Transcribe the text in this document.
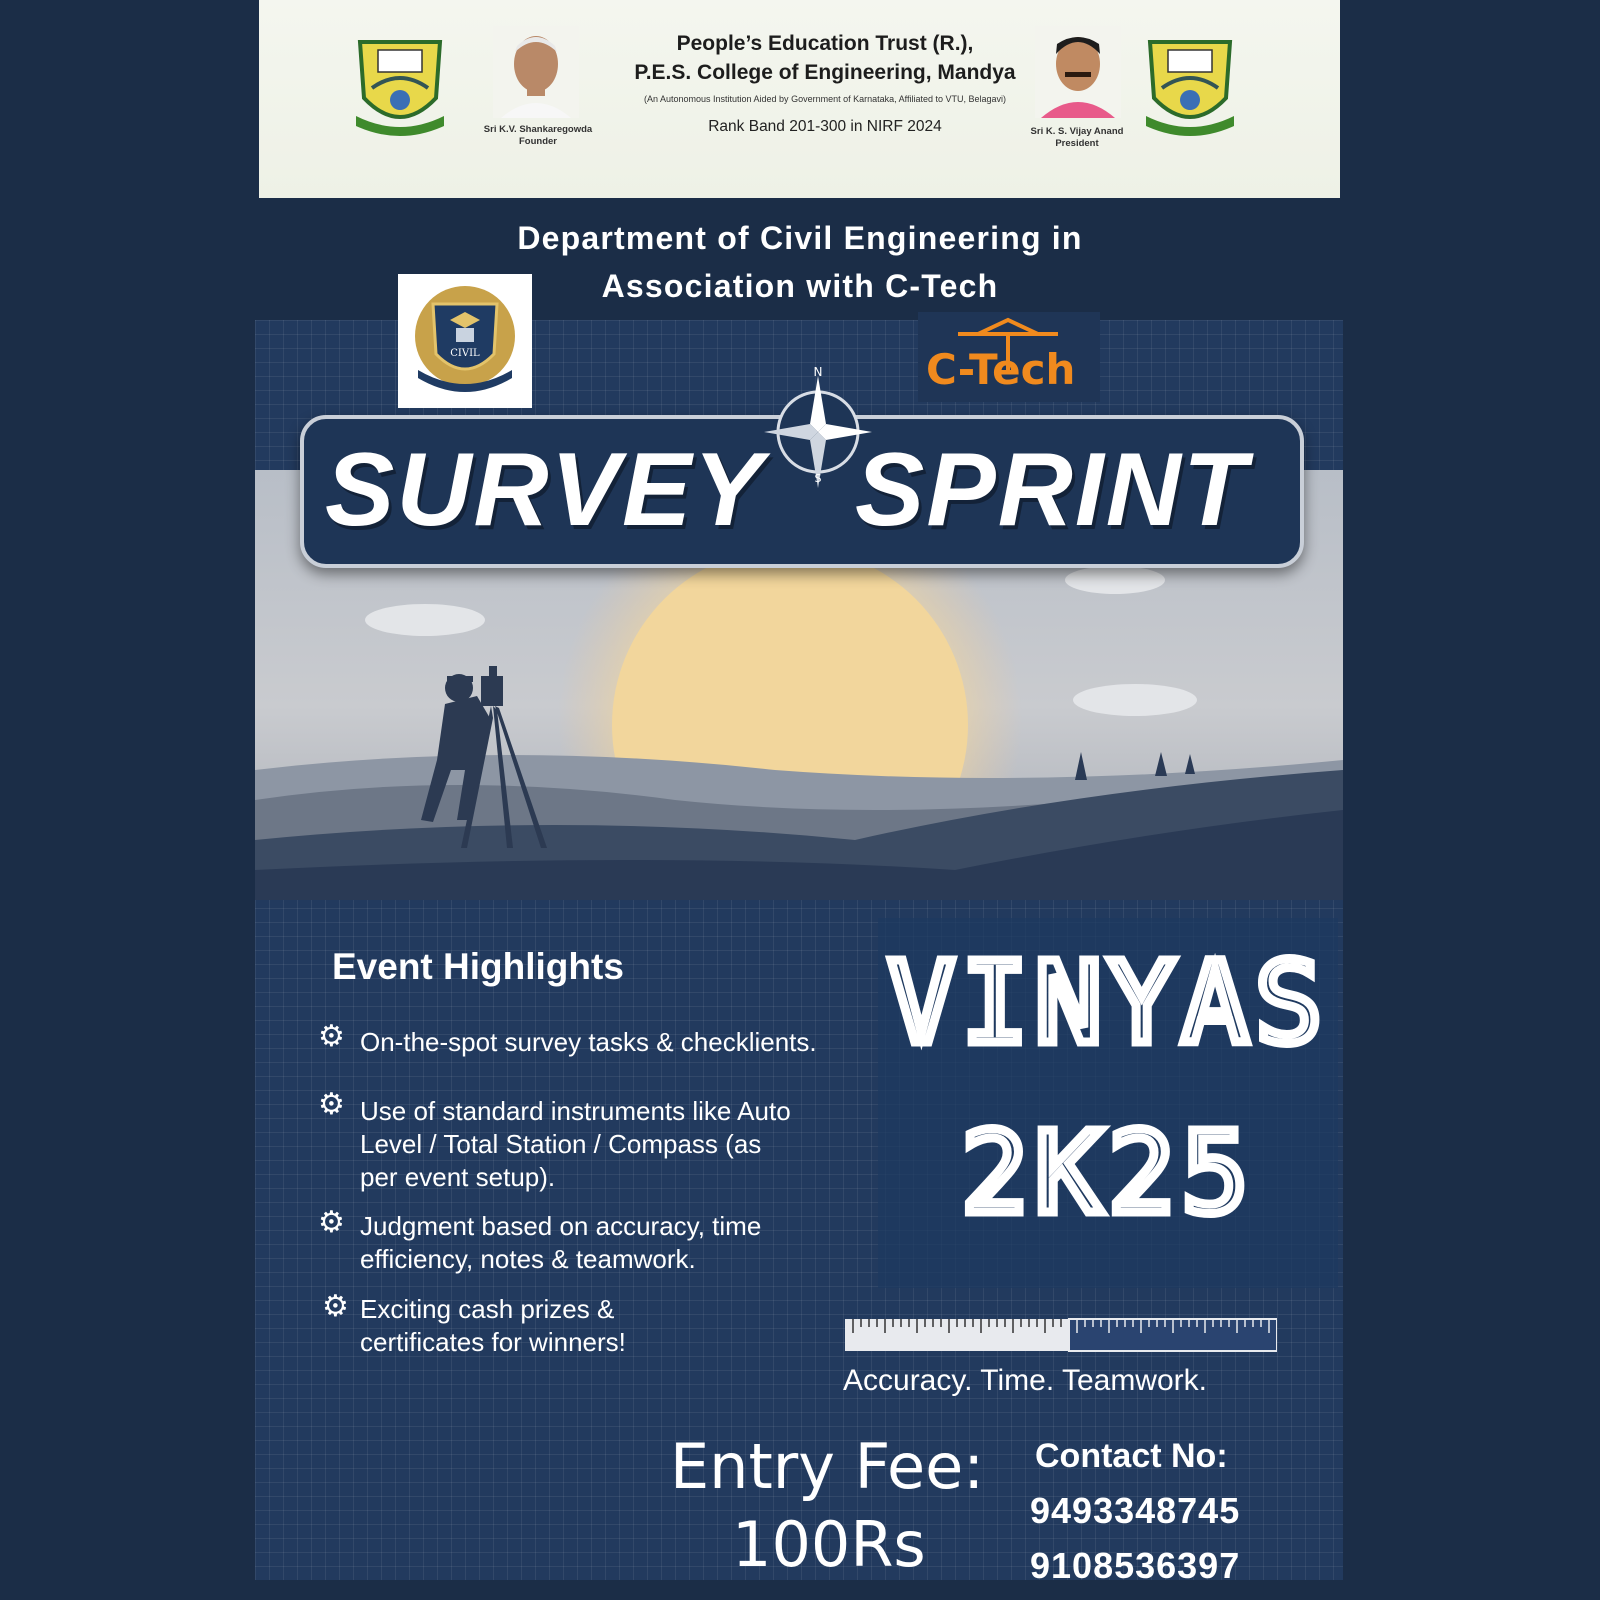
Sri K.V. Shankaregowda
Founder
People’s Education Trust (R.),
P.E.S. College of Engineering, Mandya
(An Autonomous Institution Aided by Government of Karnataka, Affiliated to VTU, Belagavi)
Rank Band 201-300 in NIRF 2024	Sri K. S. Vijay Anand
President
CIVIL	C-Tech
SURVEY SPRINT
N
S
Department of Civil Engineering in
Association with C-Tech
Event Highlights
⚙ On-the-spot survey tasks & checklients.
⚙ Use of standard instruments like Auto Level / Total Station / Compass (as per event setup).
⚙ Judgment based on accuracy, time efficiency, notes & teamwork.
⚙ Exciting cash prizes & certificates for winners!
VINYAS
2K25
Accuracy. Time. Teamwork.
Entry Fee:
100Rs
Contact No:
9493348745
9108536397
